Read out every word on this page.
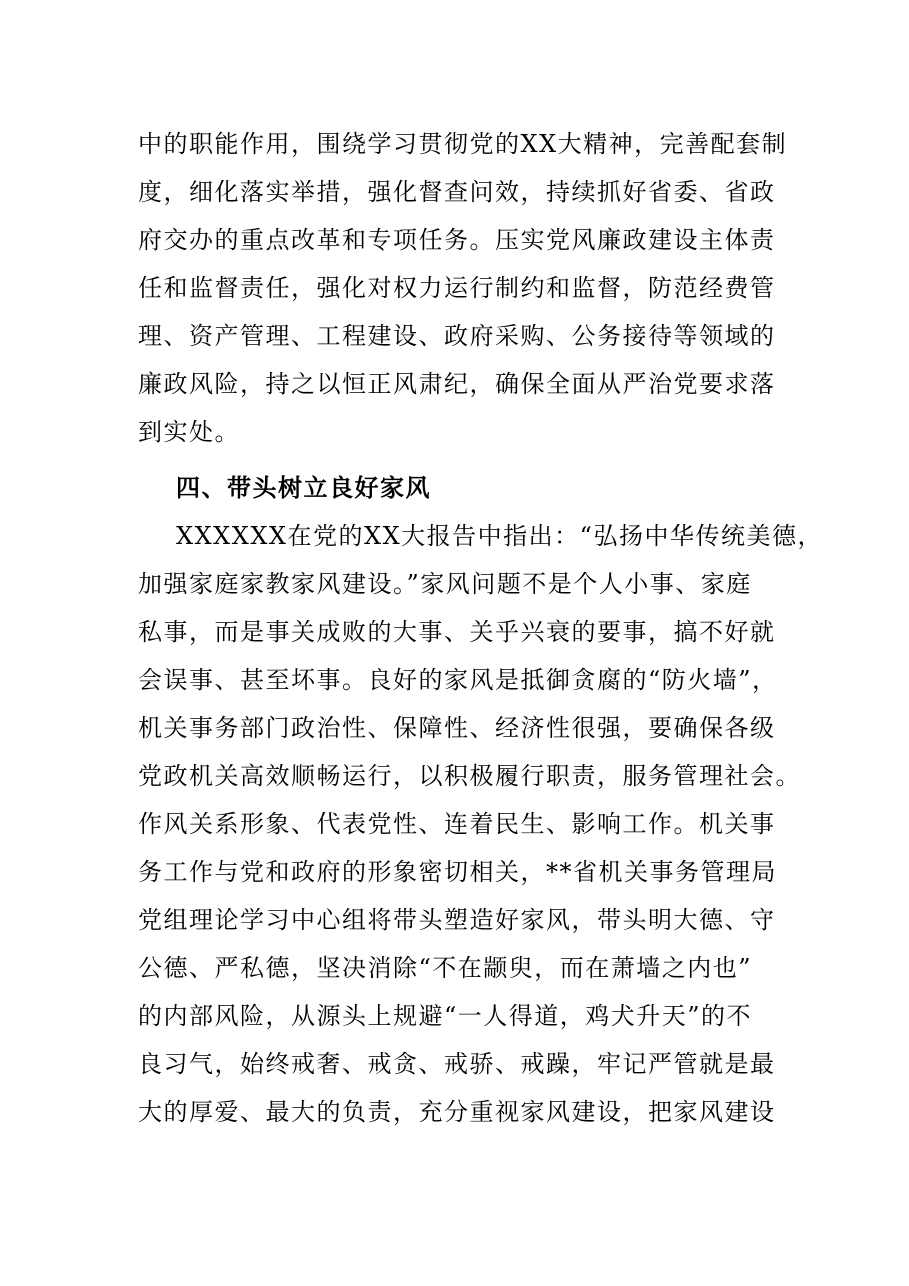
中的职能作用，围绕学习贯彻党的XX大精神，完善配套制
度，细化落实举措，强化督查问效，持续抓好省委、省政
府交办的重点改革和专项任务。压实党风廉政建设主体责
任和监督责任，强化对权力运行制约和监督，防范经费管
理、资产管理、工程建设、政府采购、公务接待等领域的
廉政风险，持之以恒正风肃纪，确保全面从严治党要求落
到实处。
四、带头树立良好家风
XXXXXX在党的XX大报告中指出：“弘扬中华传统美德，
加强家庭家教家风建设。”家风问题不是个人小事、家庭
私事，而是事关成败的大事、关乎兴衰的要事，搞不好就
会误事、甚至坏事。良好的家风是抵御贪腐的“防火墙”，
机关事务部门政治性、保障性、经济性很强，要确保各级
党政机关高效顺畅运行，以积极履行职责，服务管理社会。
作风关系形象、代表党性、连着民生、影响工作。机关事
务工作与党和政府的形象密切相关，**省机关事务管理局
党组理论学习中心组将带头塑造好家风，带头明大德、守
公德、严私德，坚决消除“不在颛臾，而在萧墙之内也”
的内部风险，从源头上规避“一人得道，鸡犬升天”的不
良习气，始终戒奢、戒贪、戒骄、戒躁，牢记严管就是最
大的厚爱、最大的负责，充分重视家风建设，把家风建设
